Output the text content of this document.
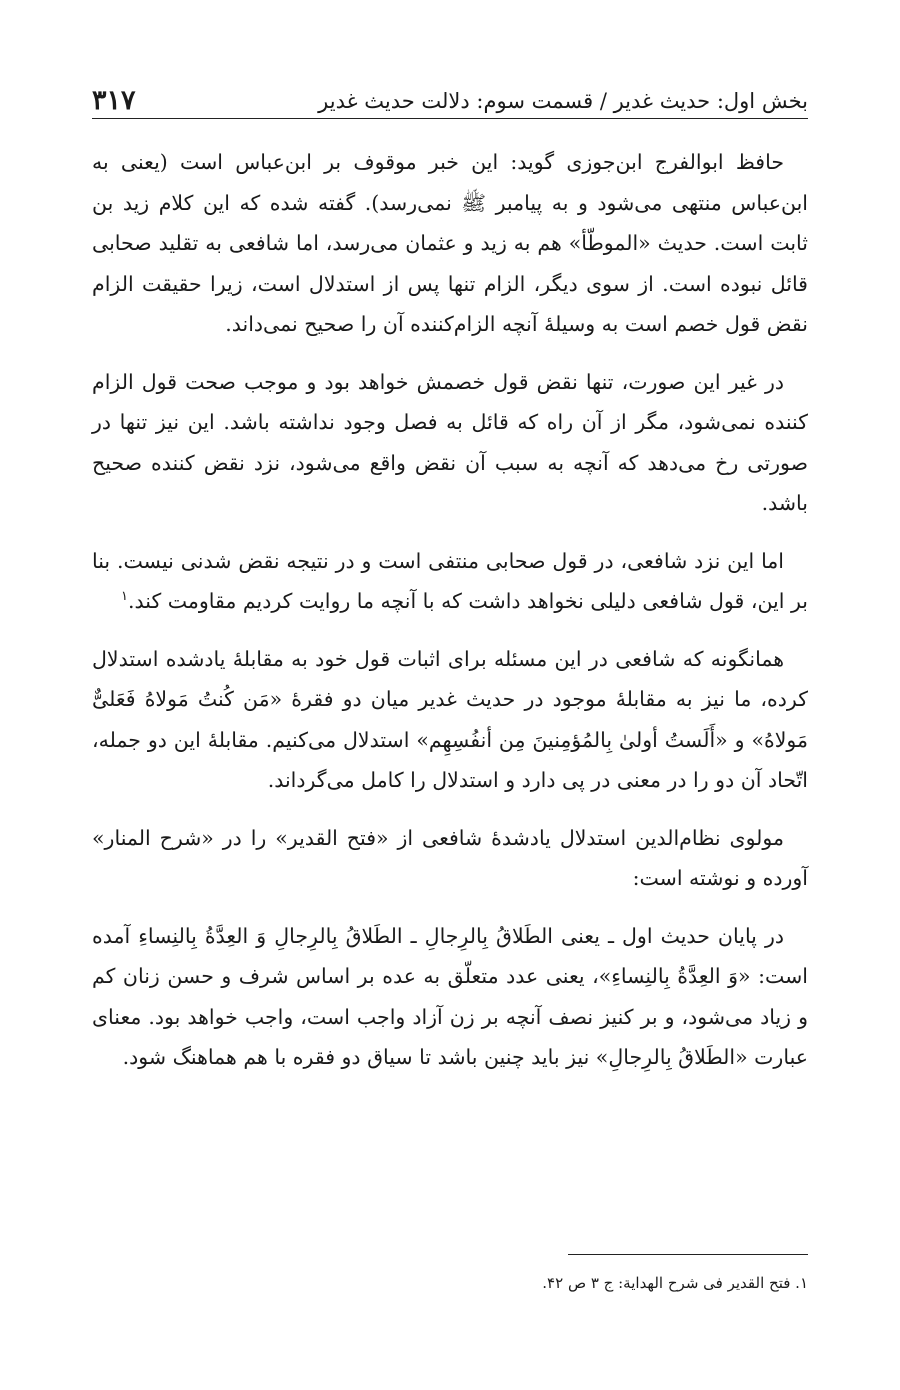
۳۱۷	بخش اول: حدیث غدیر / قسمت سوم: دلالت حدیث غدیر

حافظ ابوالفرج ابن‌جوزی گوید: این خبر موقوف بر ابن‌عباس است (یعنی به ابن‌عباس منتهی می‌شود و به پیامبر ﷺ نمی‌رسد). گفته شده که این کلام زید بن ثابت است. حدیث «الموطّأ» هم به زید و عثمان می‌رسد، اما شافعی به تقلید صحابی قائل نبوده است. از سوی دیگر، الزام تنها پس از استدلال است، زیرا حقیقت الزام نقض قول خصم است به وسیلهٔ آنچه الزام‌کننده آن را صحیح نمی‌داند.

در غیر این صورت، تنها نقض قول خصمش خواهد بود و موجب صحت قول الزام کننده نمی‌شود، مگر از آن راه که قائل به فصل وجود نداشته باشد. این نیز تنها در صورتی رخ می‌دهد که آنچه به سبب آن نقض واقع می‌شود، نزد نقض کننده صحیح باشد.

اما این نزد شافعی، در قول صحابی منتفی است و در نتیجه نقض شدنی نیست. بنا بر این، قول شافعی دلیلی نخواهد داشت که با آنچه ما روایت کردیم مقاومت کند.$^۱$

همانگونه که شافعی در این مسئله برای اثبات قول خود به مقابلهٔ یادشده استدلال کرده، ما نیز به مقابلهٔ موجود در حدیث غدیر میان دو فقرهٔ «مَن کُنتُ مَولاهُ فَعَلیٌّ مَولاهُ» و «أَلَستُ أولیٰ بِالمُؤمِنینَ مِن أنفُسِهِم» استدلال می‌کنیم. مقابلهٔ این دو جمله، اتّحاد آن دو را در معنی در پی دارد و استدلال را کامل می‌گرداند.

مولوی نظام‌الدین استدلال یادشدهٔ شافعی از «فتح القدیر» را در «شرح المنار» آورده و نوشته است:

در پایان حدیث اول ـ یعنی الطَلاقُ بِالرِجالِ ـ الطَلاقُ بِالرِجالِ وَ العِدَّةُ بِالنِساءِ آمده است: «وَ العِدَّةُ بِالنِساءِ»، یعنی عدد متعلّق به عده بر اساس شرف و حسن زنان کم و زیاد می‌شود، و بر کنیز نصف آنچه بر زن آزاد واجب است، واجب خواهد بود. معنای عبارت «الطَلاقُ بِالرِجالِ» نیز باید چنین باشد تا سیاق دو فقره با هم هماهنگ شود.

۱. فتح القدیر فی شرح الهدایة: ج ۳ ص ۴۲.
